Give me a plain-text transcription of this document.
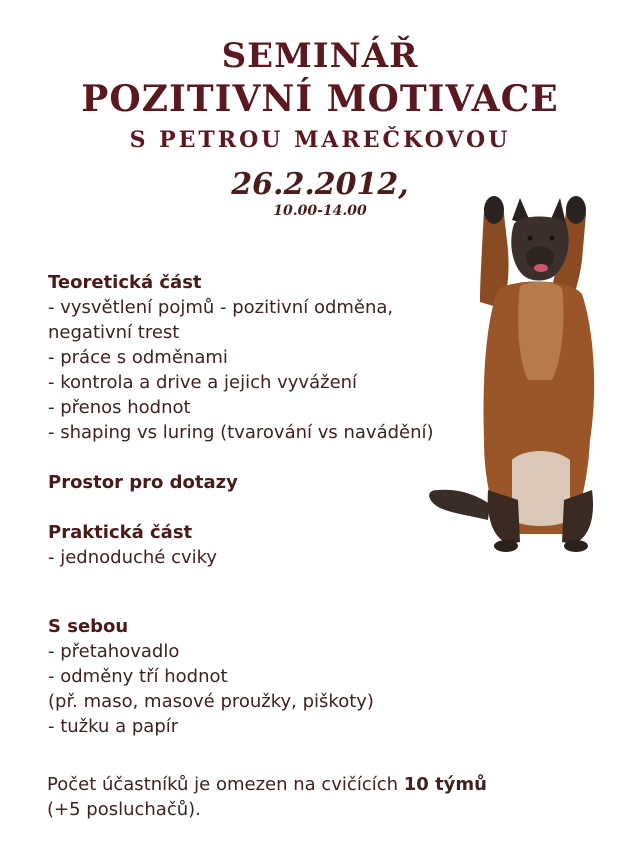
SEMINÁŘ
POZITIVNÍ MOTIVACE
S PETROU MAREČKOVOU
26.2.2012,
10.00-14.00
Teoretická část
- vysvětlení pojmů - pozitivní odměna,
negativní trest
- práce s odměnami
- kontrola a drive a jejich vyvážení
- přenos hodnot
- shaping vs luring (tvarování vs navádění)
Prostor pro dotazy
Praktická část
- jednoduché cviky
S sebou
- přetahovadlo
- odměny tří hodnot
(př. maso, masové proužky, piškoty)
- tužku a papír
Počet účastníků je omezen na cvičících 10 týmů
(+5 posluchačů).
